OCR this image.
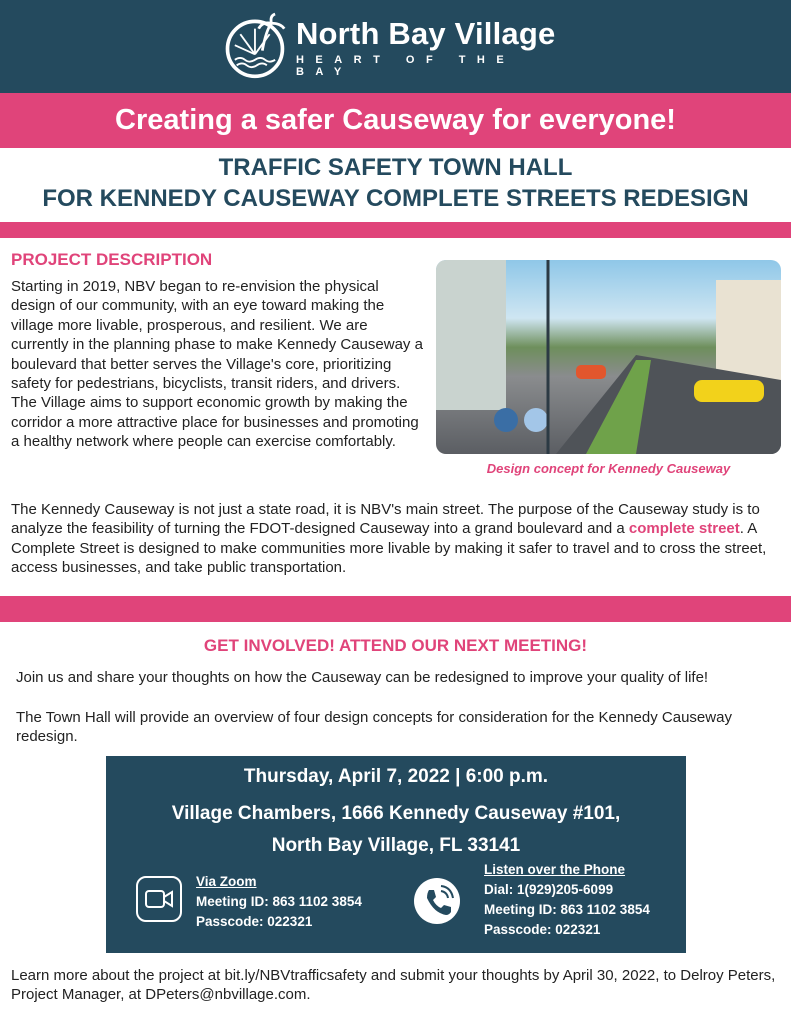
North Bay Village
HEART OF THE BAY
Creating a safer Causeway for everyone!
TRAFFIC SAFETY TOWN HALL
FOR KENNEDY CAUSEWAY COMPLETE STREETS REDESIGN
PROJECT DESCRIPTION

Starting in 2019, NBV began to re-envision the physical design of our community, with an eye toward making the village more livable, prosperous, and resilient. We are currently in the planning phase to make Kennedy Causeway a boulevard that better serves the Village's core, prioritizing safety for pedestrians, bicyclists, transit riders, and drivers. The Village aims to support economic growth by making the corridor a more attractive place for businesses and promoting a healthy network where people can exercise comfortably.

Design concept for Kennedy Causeway

The Kennedy Causeway is not just a state road, it is NBV's main street. The purpose of the Causeway study is to analyze the feasibility of turning the FDOT-designed Causeway into a grand boulevard and a complete street. A Complete Street is designed to make communities more livable by making it safer to travel and to cross the street, access businesses, and take public transportation.

GET INVOLVED! ATTEND OUR NEXT MEETING!

Join us and share your thoughts on how the Causeway can be redesigned to improve your quality of life!

The Town Hall will provide an overview of four design concepts for consideration for the Kennedy Causeway redesign.

Thursday, April 7, 2022 | 6:00 p.m.
Village Chambers, 1666 Kennedy Causeway #101,
North Bay Village, FL 33141
Via Zoom
Meeting ID: 863 1102 3854
Passcode: 022321
Listen over the Phone
Dial: 1(929)205-6099
Meeting ID: 863 1102 3854
Passcode: 022321

Learn more about the project at bit.ly/NBVtrafficsafety and submit your thoughts by April 30, 2022, to Delroy Peters, Project Manager, at DPeters@nbvillage.com.
